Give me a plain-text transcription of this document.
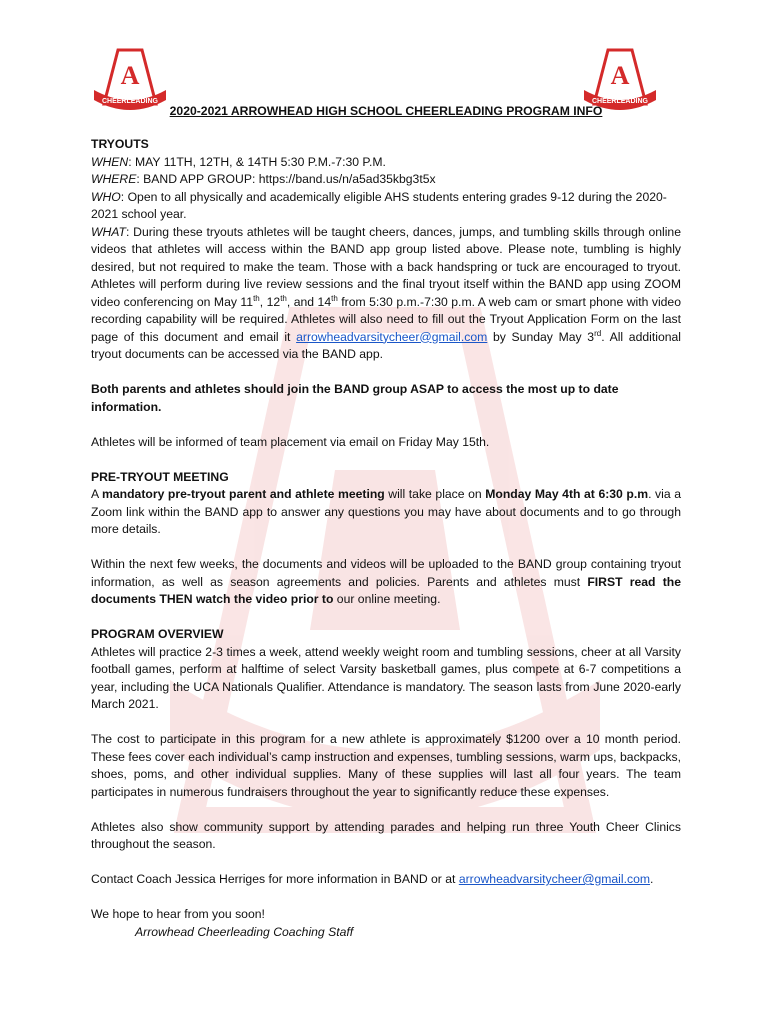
A
CHEERLEADING
A
CHEERLEADING
2020-2021 ARROWHEAD HIGH SCHOOL CHEERLEADING PROGRAM INFO

TRYOUTS

WHEN: MAY 11TH, 12TH, & 14TH 5:30 P.M.-7:30 P.M.

WHERE: BAND APP GROUP: https://band.us/n/a5ad35kbg3t5x

WHO: Open to all physically and academically eligible AHS students entering grades 9-12 during the 2020-2021 school year.

WHAT: During these tryouts athletes will be taught cheers, dances, jumps, and tumbling skills through online videos that athletes will access within the BAND app group listed above. Please note, tumbling is highly desired, but not required to make the team. Those with a back handspring or tuck are encouraged to tryout. Athletes will perform during live review sessions and the final tryout itself within the BAND app using ZOOM video conferencing on May 11th, 12th, and 14th from 5:30 p.m.-7:30 p.m. A web cam or smart phone with video recording capability will be required. Athletes will also need to fill out the Tryout Application Form on the last page of this document and email it arrowheadvarsitycheer@gmail.com by Sunday May 3rd. All additional tryout documents can be accessed via the BAND app.

Both parents and athletes should join the BAND group ASAP to access the most up to date information.

Athletes will be informed of team placement via email on Friday May 15th.

PRE-TRYOUT MEETING

A mandatory pre-tryout parent and athlete meeting will take place on Monday May 4th at 6:30 p.m. via a Zoom link within the BAND app to answer any questions you may have about documents and to go through more details.

Within the next few weeks, the documents and videos will be uploaded to the BAND group containing tryout information, as well as season agreements and policies. Parents and athletes must FIRST read the documents THEN watch the video prior to our online meeting.

PROGRAM OVERVIEW

Athletes will practice 2-3 times a week, attend weekly weight room and tumbling sessions, cheer at all Varsity football games, perform at halftime of select Varsity basketball games, plus compete at 6-7 competitions a year, including the UCA Nationals Qualifier. Attendance is mandatory. The season lasts from June 2020-early March 2021.

The cost to participate in this program for a new athlete is approximately $1200 over a 10 month period. These fees cover each individual’s camp instruction and expenses, tumbling sessions, warm ups, backpacks, shoes, poms, and other individual supplies. Many of these supplies will last all four years. The team participates in numerous fundraisers throughout the year to significantly reduce these expenses.

Athletes also show community support by attending parades and helping run three Youth Cheer Clinics throughout the season.

Contact Coach Jessica Herriges for more information in BAND or at arrowheadvarsitycheer@gmail.com.

We hope to hear from you soon!

Arrowhead Cheerleading Coaching Staff
